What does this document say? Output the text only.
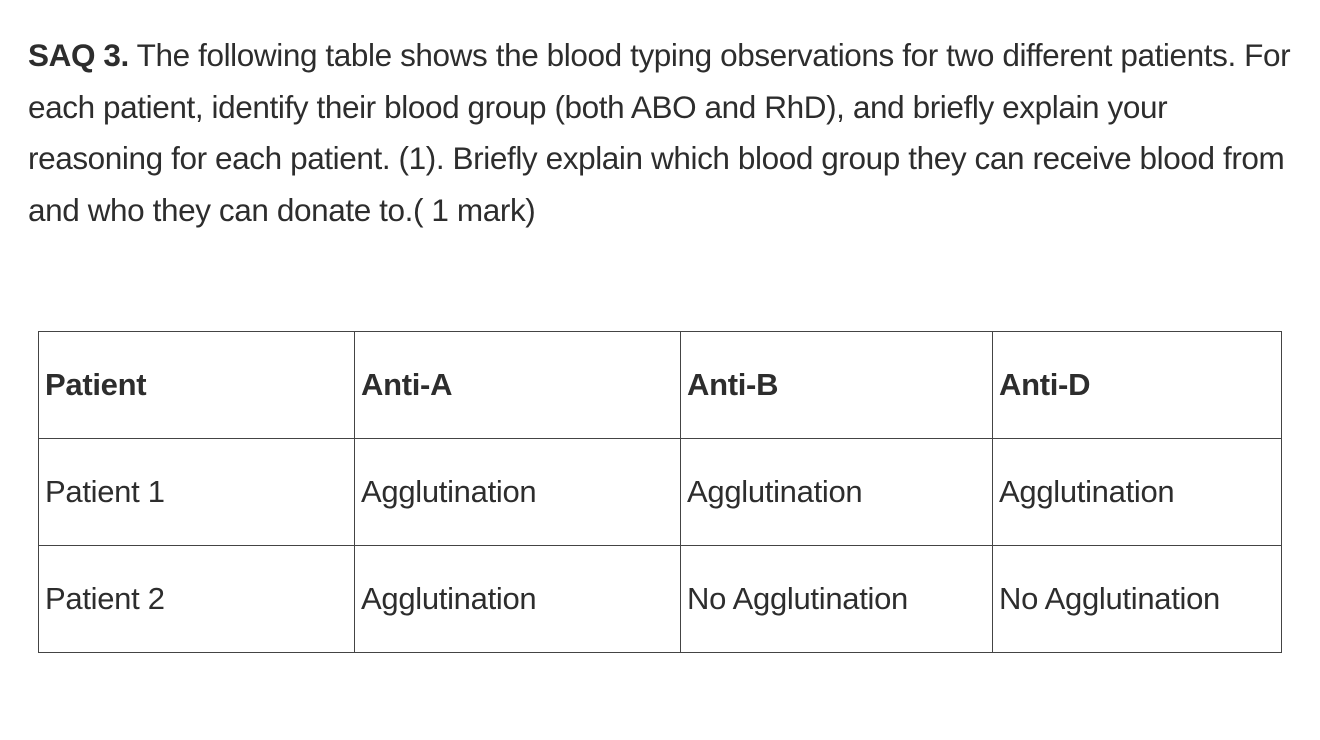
SAQ 3. The following table shows the blood typing observations for two different patients. For each patient, identify their blood group (both ABO and RhD), and briefly explain your reasoning for each patient. (1). Briefly explain which blood group they can receive blood from and who they can donate to.( 1 mark)

Patient	Anti-A	Anti-B	Anti-D
Patient 1	Agglutination	Agglutination	Agglutination
Patient 2	Agglutination	No Agglutination	No Agglutination
